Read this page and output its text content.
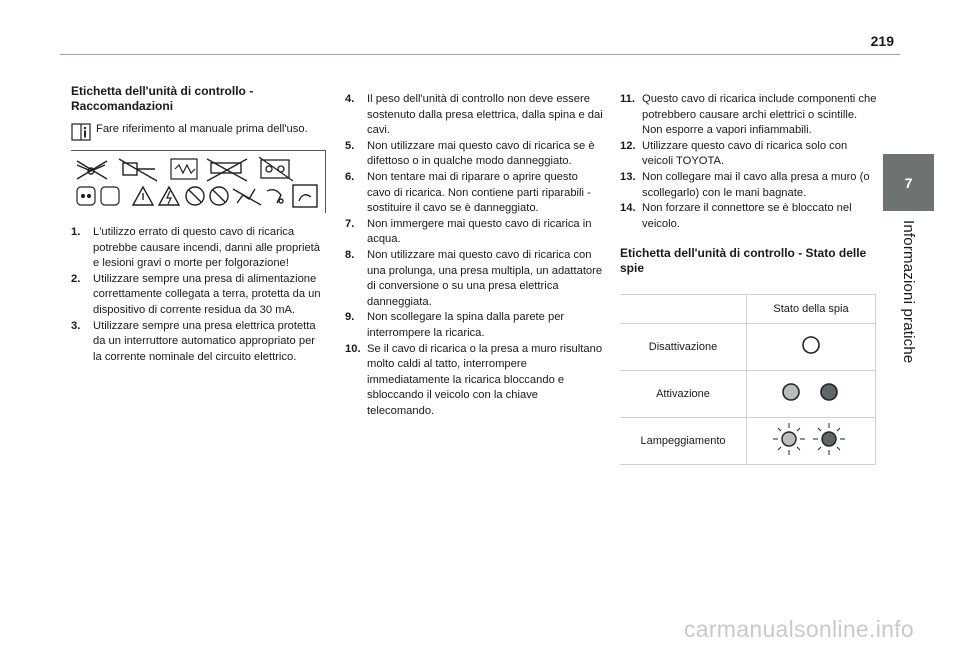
219
7
Informazioni pratiche
Etichetta dell'unità di controllo - Raccomandazioni
Fare riferimento al manuale prima dell'uso.
1.	L'utilizzo errato di questo cavo di ricarica potrebbe causare incendi, danni alle proprietà e lesioni gravi o morte per folgorazione!
2.	Utilizzare sempre una presa di alimentazione correttamente collegata a terra, protetta da un dispositivo di corrente residua da 30 mA.
3.	Utilizzare sempre una presa elettrica protetta da un interruttore automatico appropriato per la corrente nominale del circuito elettrico.
4.	Il peso dell'unità di controllo non deve essere sostenuto dalla presa elettrica, dalla spina e dai cavi.
5.	Non utilizzare mai questo cavo di ricarica se è difettoso o in qualche modo danneggiato.
6.	Non tentare mai di riparare o aprire questo cavo di ricarica. Non contiene parti riparabili - sostituire il cavo se è danneggiato.
7.	Non immergere mai questo cavo di ricarica in acqua.
8.	Non utilizzare mai questo cavo di ricarica con una prolunga, una presa multipla, un adattatore di conversione o su una presa elettrica danneggiata.
9.	Non scollegare la spina dalla parete per interrompere la ricarica.
10. Se il cavo di ricarica o la presa a muro risultano molto caldi al tatto, interrompere immediatamente la ricarica bloccando e sbloccando il veicolo con la chiave telecomando.
11. Questo cavo di ricarica include componenti che potrebbero causare archi elettrici o scintille. Non esporre a vapori infiammabili.
12. Utilizzare questo cavo di ricarica solo con veicoli TOYOTA.
13. Non collegare mai il cavo alla presa a muro (o scollegarlo) con le mani bagnate.
14. Non forzare il connettore se è bloccato nel veicolo.
Etichetta dell'unità di controllo - Stato delle spie
	Stato della spia
Disattivazione	
Attivazione	
Lampeggiamento	
carmanualsonline.info
